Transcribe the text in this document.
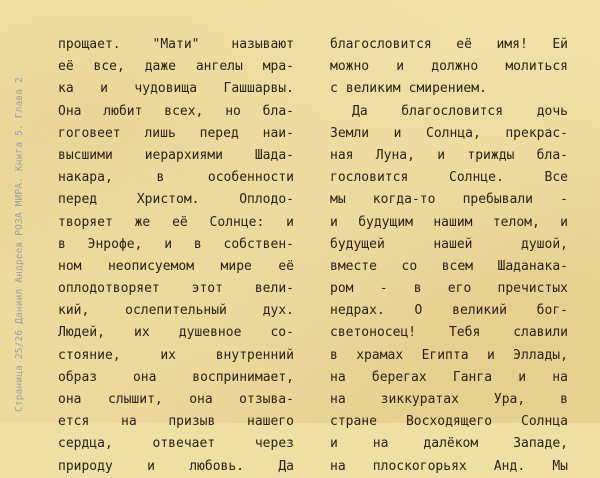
Страница 25/26 Даниил Андреев РОЗА МИРА. Книга 5. Глава 2
прощает. "Мати" называют
её все, даже ангелы мра-
ка и чудовища Гашшарвы.
Она любит всех, но бла-
гоговеет лишь перед наи-
высшими иерархиями Шада-
накара,	в	особенности
перед	Христом.	Оплодо-
творяет же её Солнце: и
в Энрофе, и в собствен-
ном неописуемом мире её
оплодотворяет этот вели-
кий,	ослепительный	дух.
Людей, их душевное со-
стояние,	их	внутренний
образ	она	воспринимает,
она слышит, она отзыва-
ется на призыв нашего
сердца,	отвечает	через
природу	и	любовь.	Да
благословится её имя! Ей
можно и должно молиться
с великим смирением.
Да	благословится	дочь
Земли и Солнца, прекрас-
ная Луна, и трижды бла-
гословится	Солнце.	Все
мы когда-то пребывали -
и будущим нашим телом, и
будущей	нашей	душой,
вместе со всем Шаданака-
ром - в его пречистых
недрах. О великий бог-
светоносец!	Тебя	славили
в храмах Египта и Эллады,
на берегах Ганга и на
на	зиккуратах	Ура,	в
стране Восходящего Солнца
и	на	далёком	Западе,
на плоскогорьях Анд. Мы
